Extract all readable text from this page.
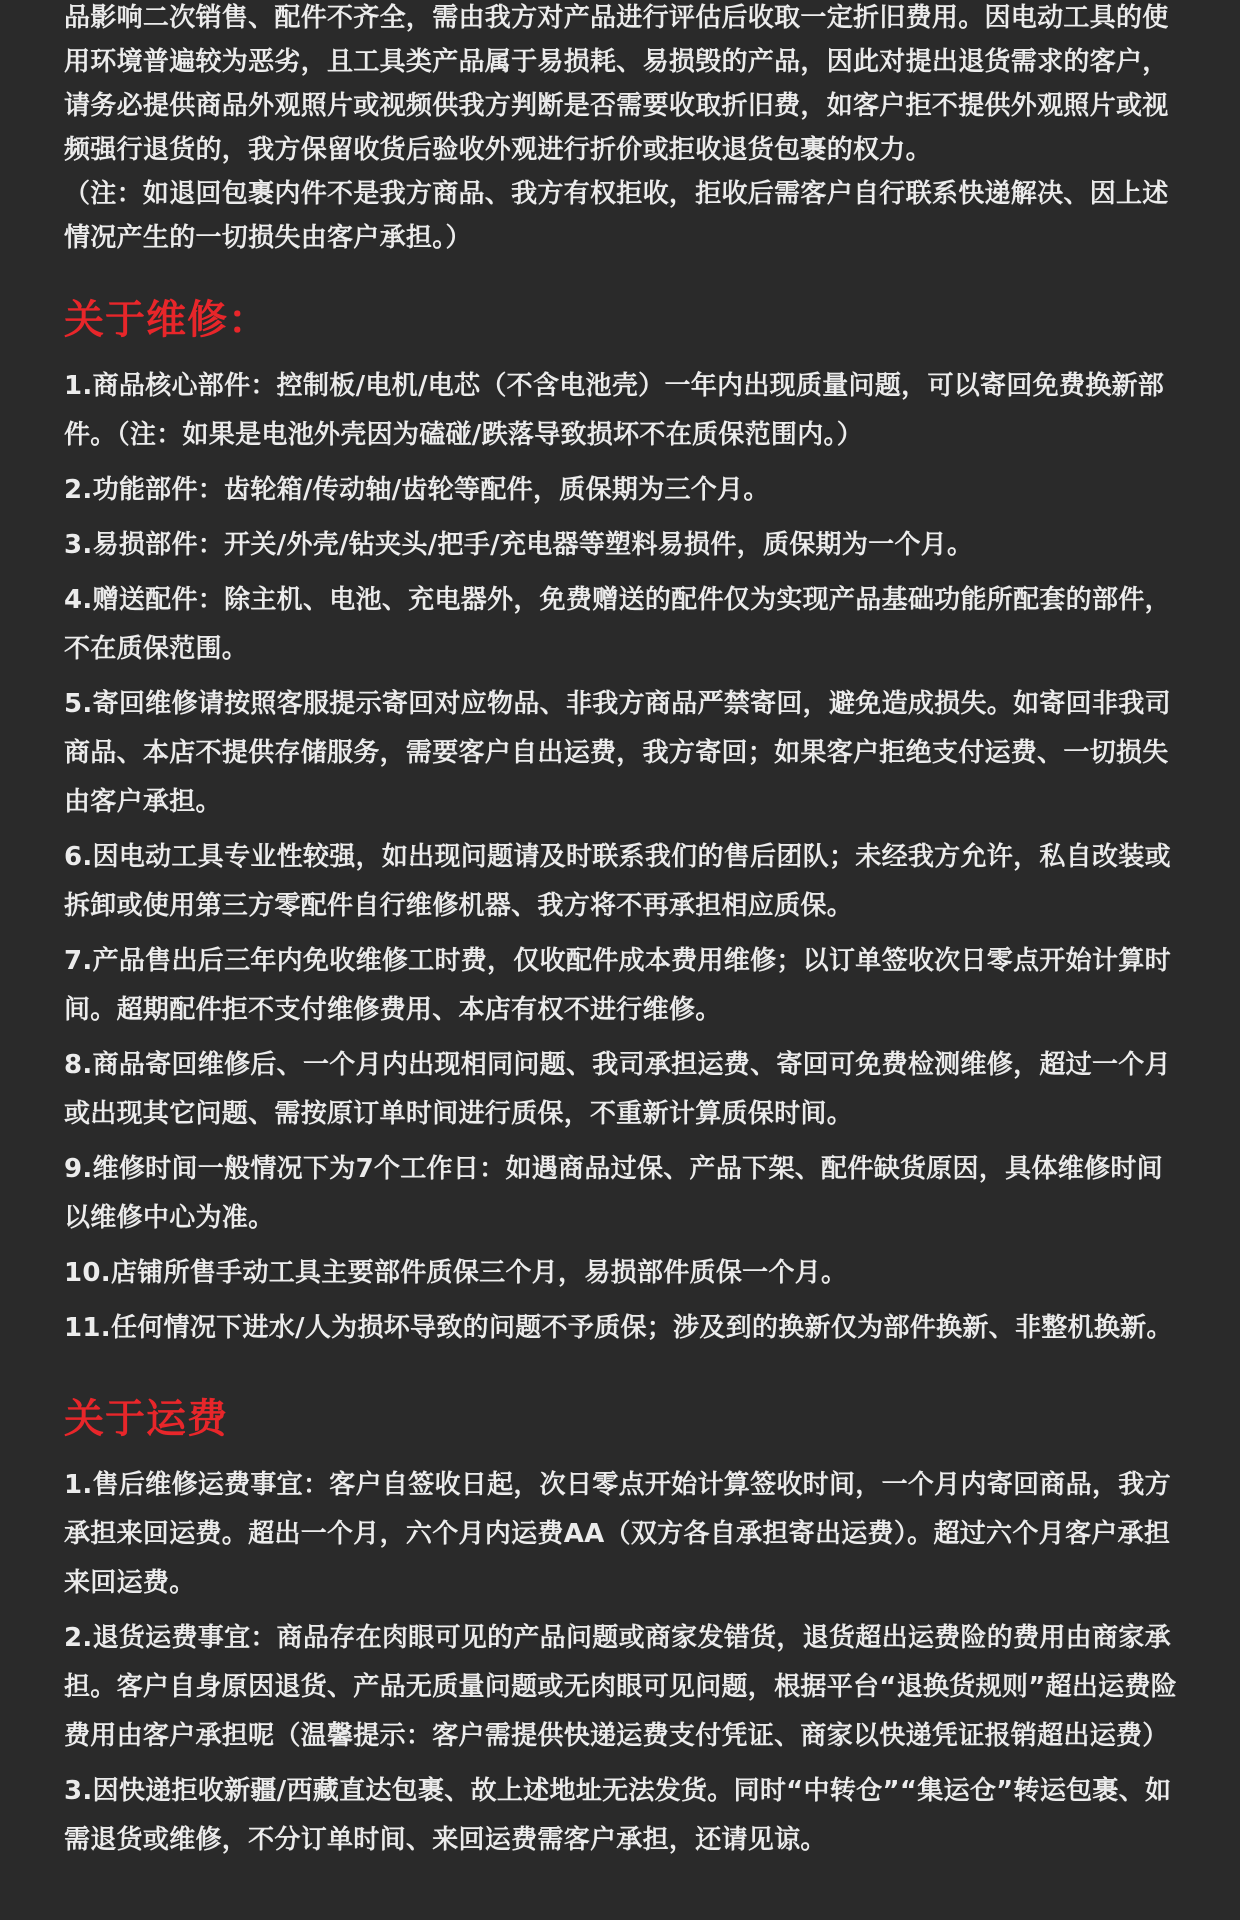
品影响二次销售、配件不齐全，需由我方对产品进行评估后收取一定折旧费用。因电动工具的使用环境普遍较为恶劣，且工具类产品属于易损耗、易损毁的产品，因此对提出退货需求的客户，请务必提供商品外观照片或视频供我方判断是否需要收取折旧费，如客户拒不提供外观照片或视频强行退货的，我方保留收货后验收外观进行折价或拒收退货包裹的权力。

（注：如退回包裹内件不是我方商品、我方有权拒收，拒收后需客户自行联系快递解决、因上述情况产生的一切损失由客户承担。）

关于维修：

1.商品核心部件：控制板/电机/电芯（不含电池壳）一年内出现质量问题，可以寄回免费换新部件。（注：如果是电池外壳因为磕碰/跌落导致损坏不在质保范围内。）

2.功能部件：齿轮箱/传动轴/齿轮等配件，质保期为三个月。

3.易损部件：开关/外壳/钻夹头/把手/充电器等塑料易损件，质保期为一个月。

4.赠送配件：除主机、电池、充电器外，免费赠送的配件仅为实现产品基础功能所配套的部件，不在质保范围。

5.寄回维修请按照客服提示寄回对应物品、非我方商品严禁寄回，避免造成损失。如寄回非我司商品、本店不提供存储服务，需要客户自出运费，我方寄回；如果客户拒绝支付运费、一切损失由客户承担。

6.因电动工具专业性较强，如出现问题请及时联系我们的售后团队；未经我方允许，私自改装或拆卸或使用第三方零配件自行维修机器、我方将不再承担相应质保。

7.产品售出后三年内免收维修工时费，仅收配件成本费用维修；以订单签收次日零点开始计算时间。超期配件拒不支付维修费用、本店有权不进行维修。

8.商品寄回维修后、一个月内出现相同问题、我司承担运费、寄回可免费检测维修，超过一个月或出现其它问题、需按原订单时间进行质保，不重新计算质保时间。

9.维修时间一般情况下为7个工作日：如遇商品过保、产品下架、配件缺货原因，具体维修时间以维修中心为准。

10.店铺所售手动工具主要部件质保三个月，易损部件质保一个月。

11.任何情况下进水/人为损坏导致的问题不予质保；涉及到的换新仅为部件换新、非整机换新。

关于运费

1.售后维修运费事宜：客户自签收日起，次日零点开始计算签收时间，一个月内寄回商品，我方承担来回运费。超出一个月，六个月内运费AA（双方各自承担寄出运费）。超过六个月客户承担来回运费。

2.退货运费事宜：商品存在肉眼可见的产品问题或商家发错货，退货超出运费险的费用由商家承担。客户自身原因退货、产品无质量问题或无肉眼可见问题，根据平台“退换货规则”超出运费险费用由客户承担呢（温馨提示：客户需提供快递运费支付凭证、商家以快递凭证报销超出运费）

3.因快递拒收新疆/西藏直达包裹、故上述地址无法发货。同时“中转仓”“集运仓”转运包裹、如需退货或维修，不分订单时间、来回运费需客户承担，还请见谅。
